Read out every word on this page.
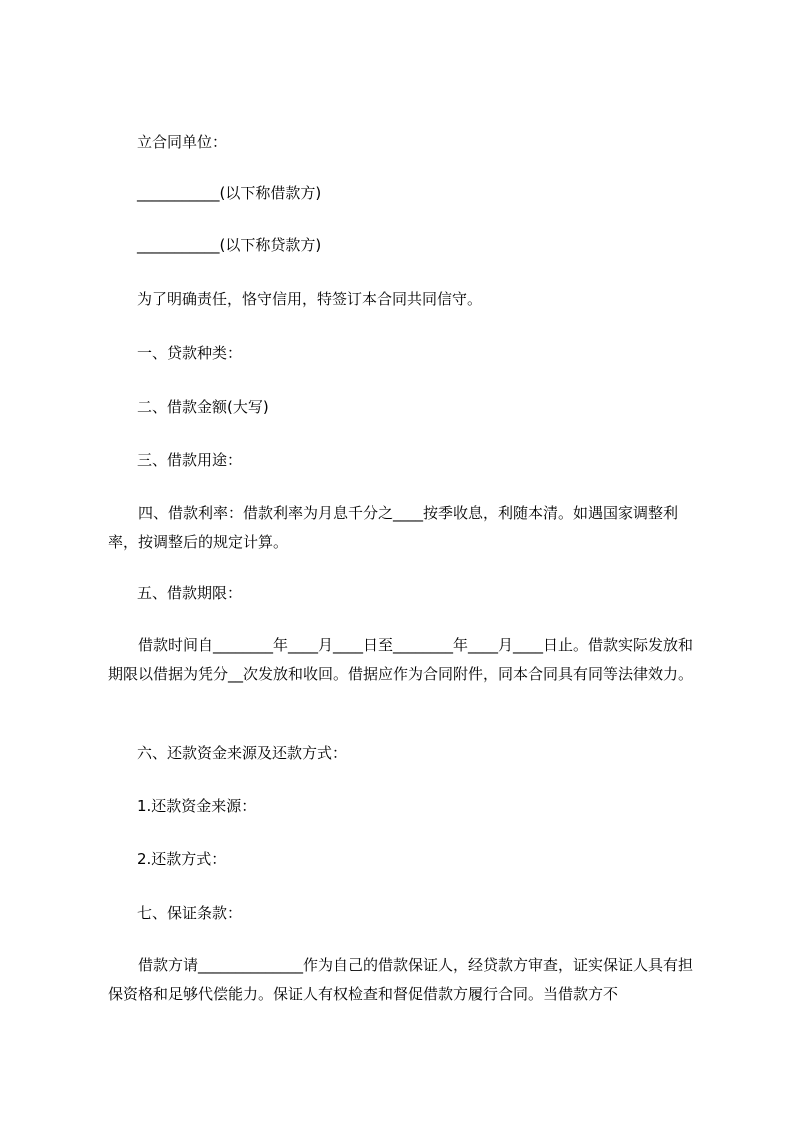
立合同单位：

___________(以下称借款方)

___________(以下称贷款方)

为了明确责任，恪守信用，特签订本合同共同信守。

一、贷款种类：

二、借款金额(大写)

三、借款用途：

　　四、借款利率：借款利率为月息千分之____按季收息，利随本清。如遇国家调整利率，按调整后的规定计算。

五、借款期限：

　　借款时间自________年____月____日至________年____月____日止。借款实际发放和期限以借据为凭分__次发放和收回。借据应作为合同附件，同本合同具有同等法律效力。

六、还款资金来源及还款方式：

1.还款资金来源：

2.还款方式：

七、保证条款：

　　借款方请______________作为自己的借款保证人，经贷款方审查，证实保证人具有担保资格和足够代偿能力。保证人有权检查和督促借款方履行合同。当借款方不
